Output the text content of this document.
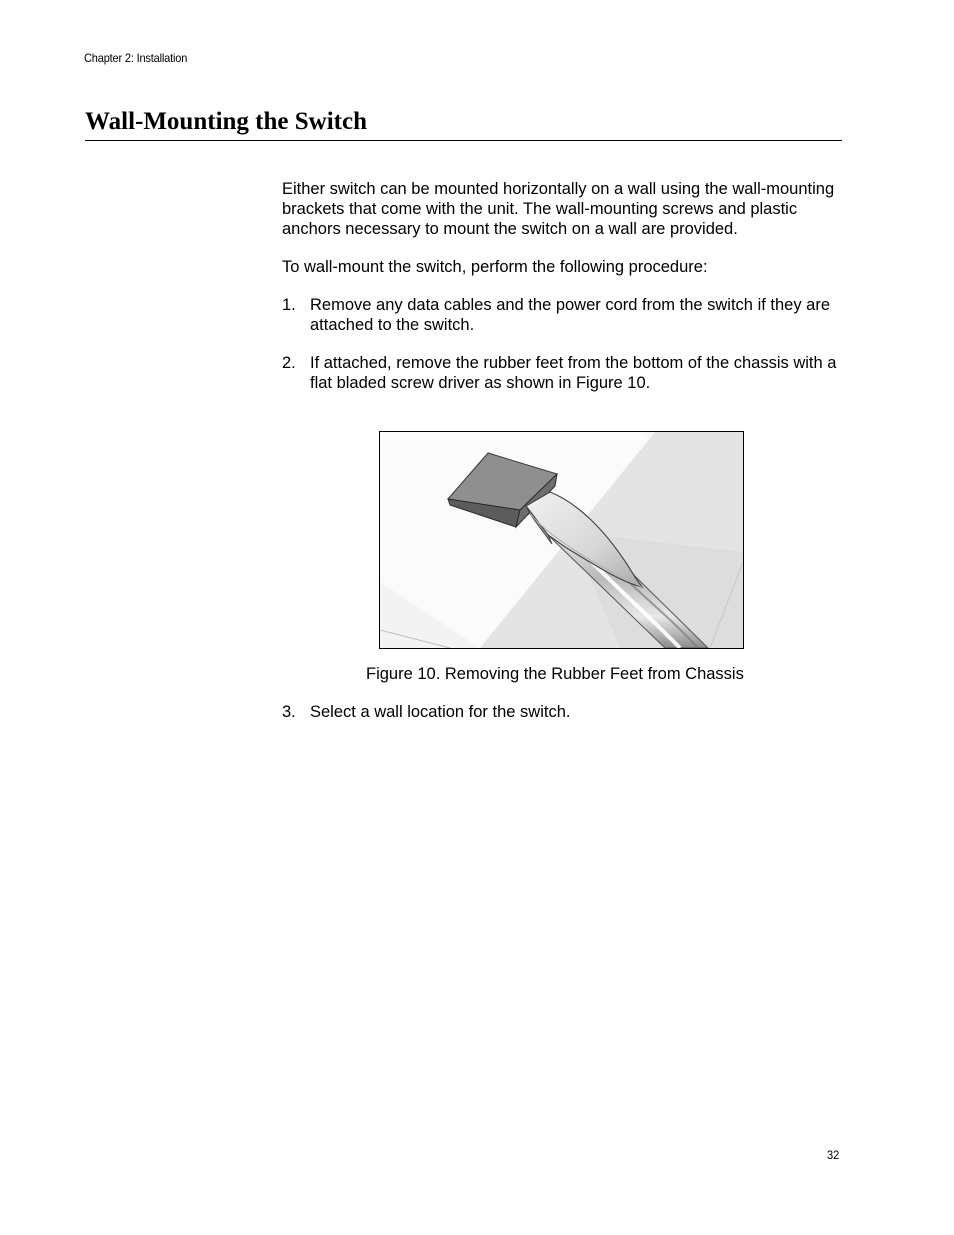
Chapter 2: Installation
Wall-Mounting the Switch

Either switch can be mounted horizontally on a wall using the wall-mounting brackets that come with the unit. The wall-mounting screws and plastic anchors necessary to mount the switch on a wall are provided.

To wall-mount the switch, perform the following procedure:

1. Remove any data cables and the power cord from the switch if they are attached to the switch.
2. If attached, remove the rubber feet from the bottom of the chassis with a flat bladed screw driver as shown in Figure 10.
Figure 10. Removing the Rubber Feet from Chassis
3. Select a wall location for the switch.
32
